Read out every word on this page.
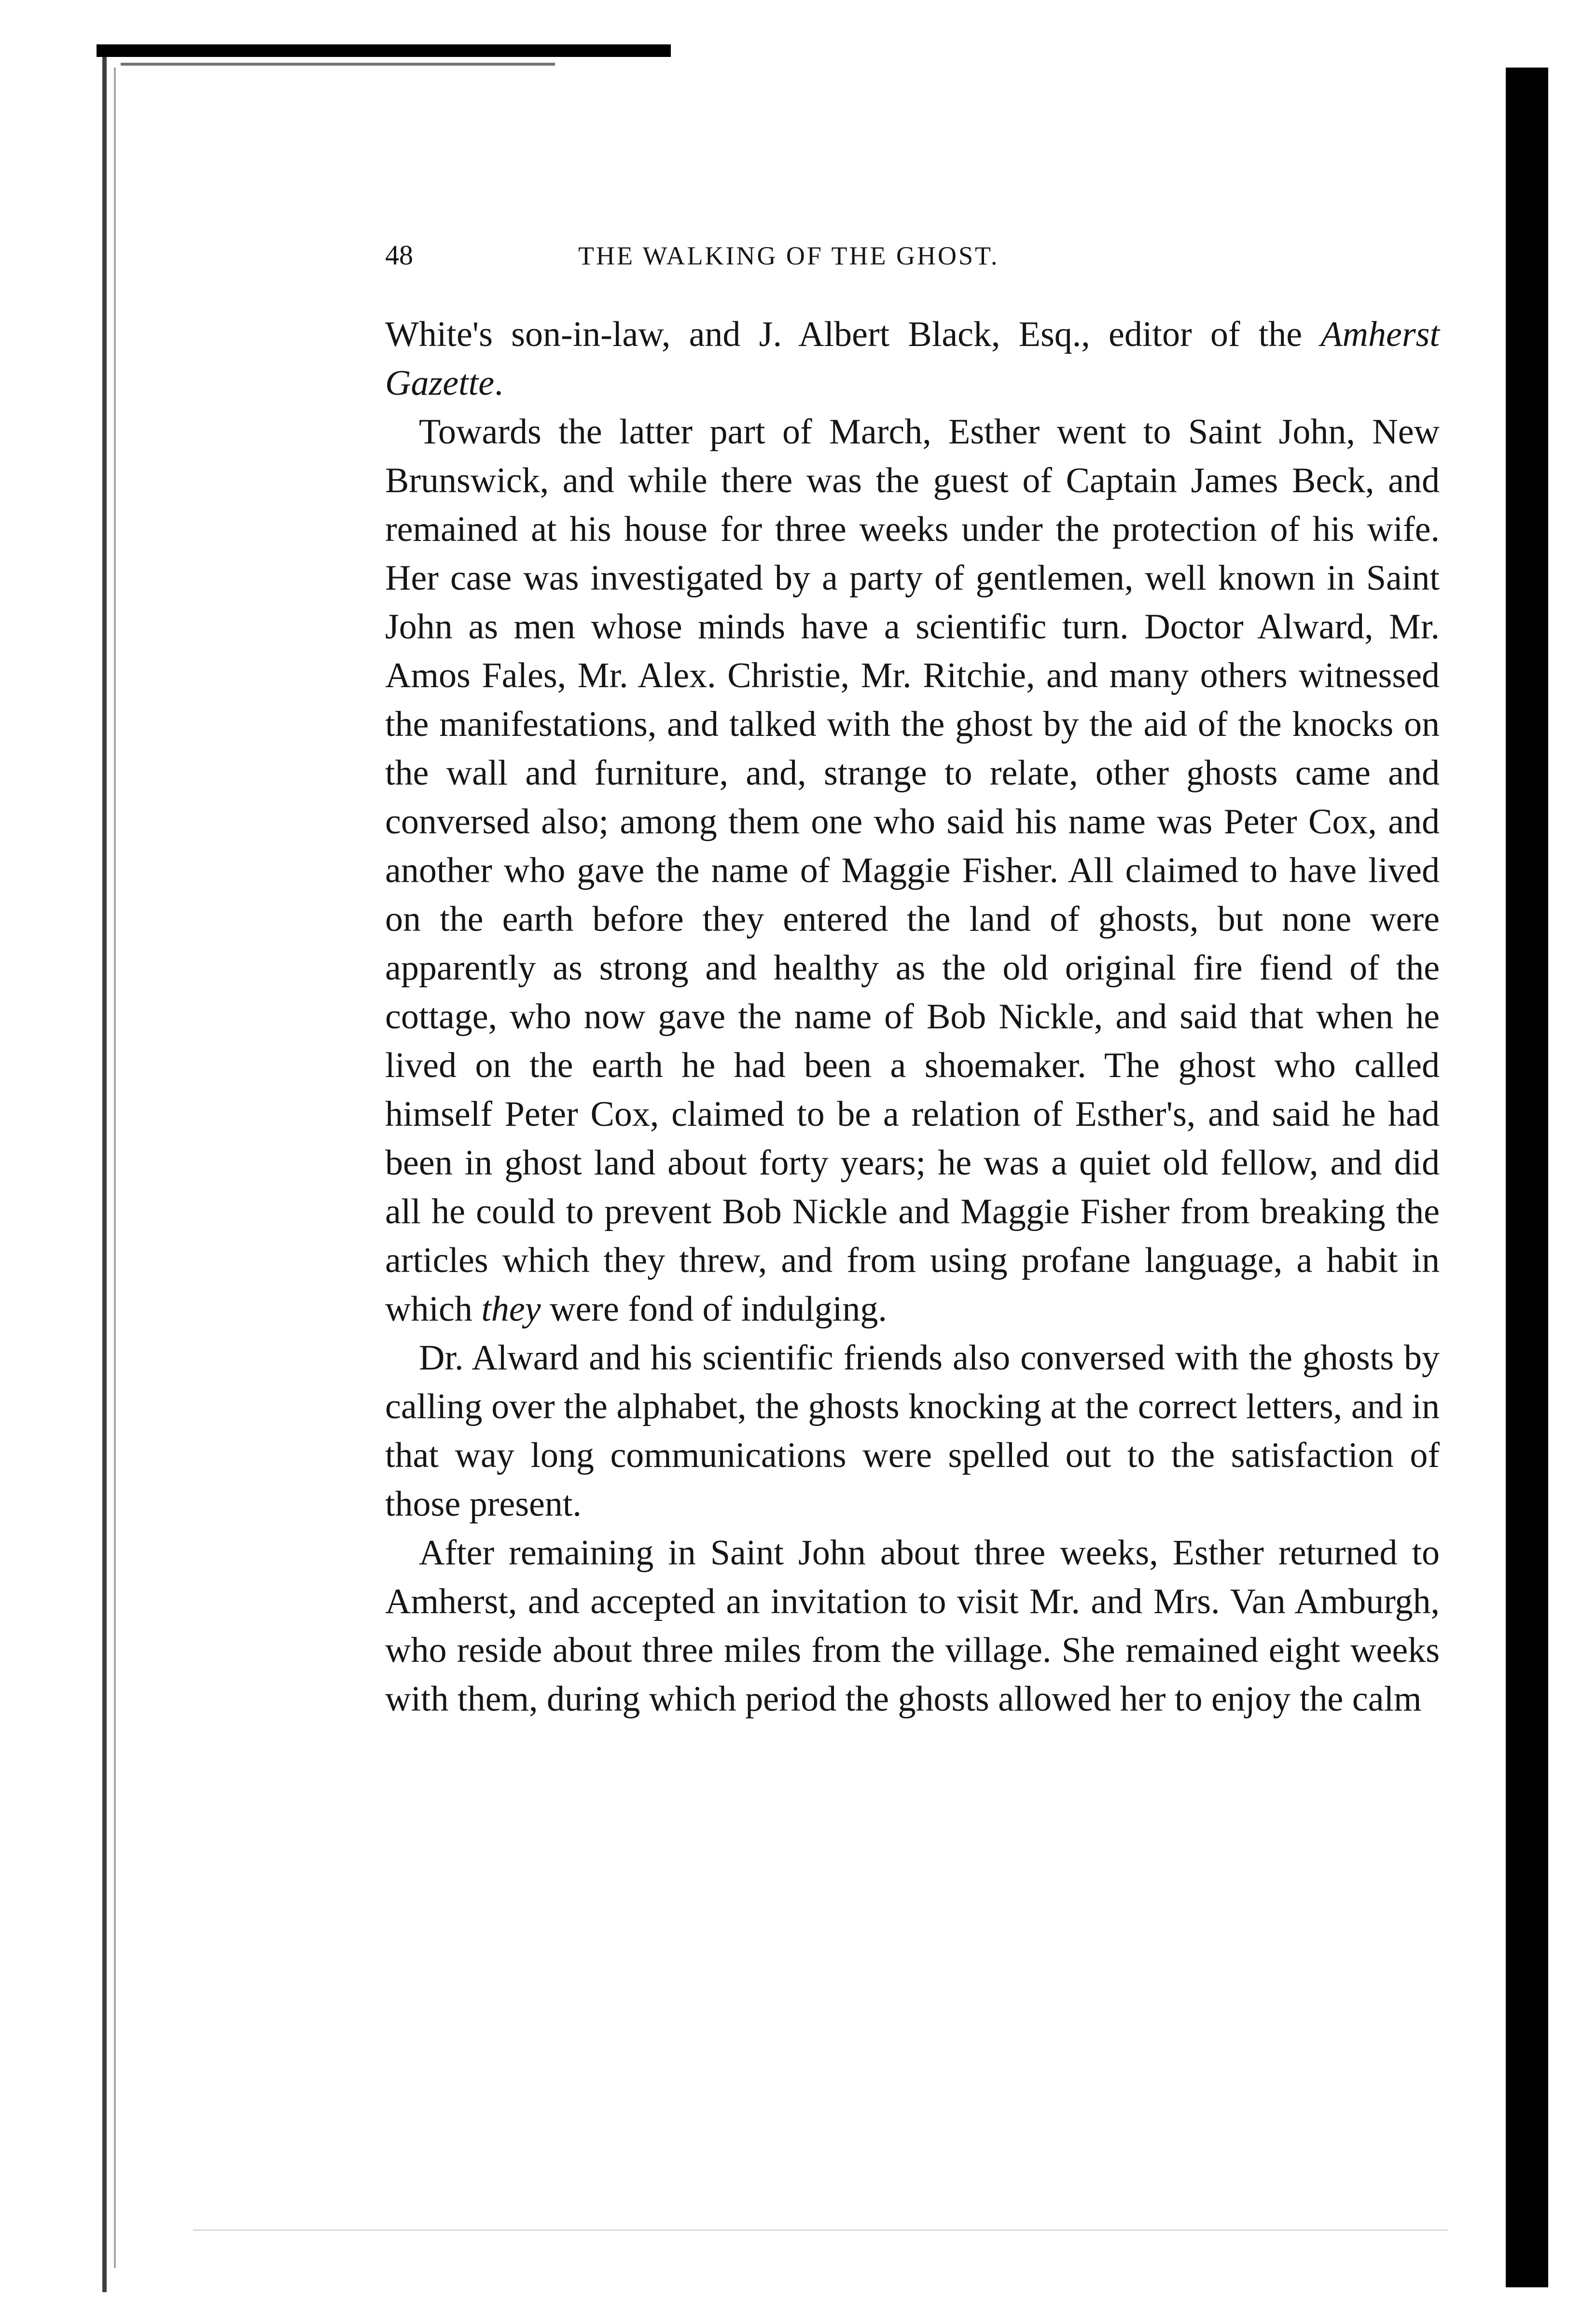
48	THE WALKING OF THE GHOST.

White's son-in-law, and J. Albert Black, Esq., editor of the Amherst Gazette.

Towards the latter part of March, Esther went to Saint John, New Brunswick, and while there was the guest of Captain James Beck, and remained at his house for three weeks under the protection of his wife. Her case was investigated by a party of gentlemen, well known in Saint John as men whose minds have a scientific turn. Doctor Alward, Mr. Amos Fales, Mr. Alex. Christie, Mr. Ritchie, and many others witnessed the manifestations, and talked with the ghost by the aid of the knocks on the wall and furniture, and, strange to relate, other ghosts came and conversed also; among them one who said his name was Peter Cox, and another who gave the name of Maggie Fisher. All claimed to have lived on the earth before they entered the land of ghosts, but none were apparently as strong and healthy as the old original fire fiend of the cottage, who now gave the name of Bob Nickle, and said that when he lived on the earth he had been a shoemaker. The ghost who called himself Peter Cox, claimed to be a relation of Esther's, and said he had been in ghost land about forty years; he was a quiet old fellow, and did all he could to prevent Bob Nickle and Maggie Fisher from breaking the articles which they threw, and from using profane language, a habit in which they were fond of indulging.

Dr. Alward and his scientific friends also conversed with the ghosts by calling over the alphabet, the ghosts knocking at the correct letters, and in that way long communications were spelled out to the satisfaction of those present.

After remaining in Saint John about three weeks, Esther returned to Amherst, and accepted an invitation to visit Mr. and Mrs. Van Amburgh, who reside about three miles from the village. She remained eight weeks with them, during which period the ghosts allowed her to enjoy the calm
